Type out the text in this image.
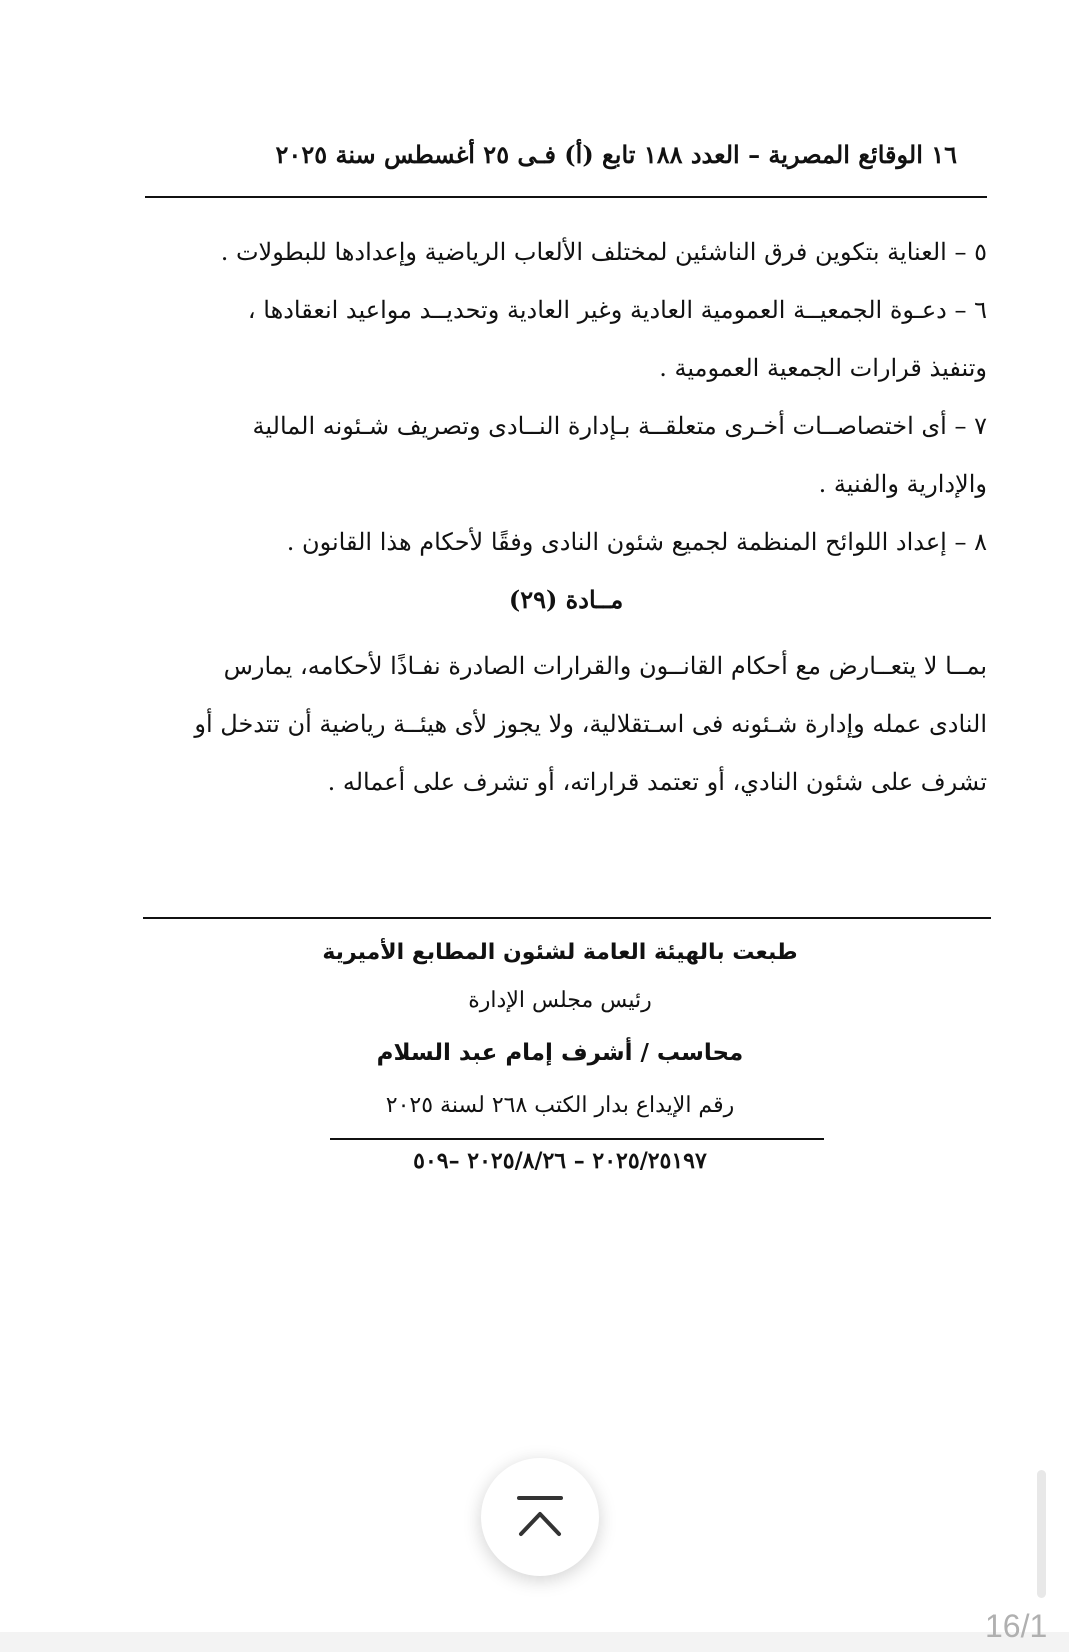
١٦ الوقائع المصرية – العدد ١٨٨ تابع (أ) فـى ٢٥ أغسطس سنة ٢٠٢٥
٥ – العناية بتكوين فرق الناشئين لمختلف الألعاب الرياضية وإعدادها للبطولات .
٦ – دعـوة الجمعيــة العمومية العادية وغير العادية وتحديــد مواعيد انعقادها ،
وتنفيذ قرارات الجمعية العمومية .
٧ – أى اختصاصــات أخـرى متعلقــة بـإدارة النــادى وتصريف شـئونه المالية
والإدارية والفنية .
٨ – إعداد اللوائح المنظمة لجميع شئون النادى وفقًا لأحكام هذا القانون .
مــادة (٢٩)
بمــا لا يتعــارض مع أحكام القانــون والقرارات الصادرة نفـاذًا لأحكامه، يمارس
النادى عمله وإدارة شـئونه فى اسـتقلالية، ولا يجوز لأى هيئــة رياضية أن تتدخل أو
تشرف على شئون النادي، أو تعتمد قراراته، أو تشرف على أعماله .
طبعت بالهيئة العامة لشئون المطابع الأميرية
رئيس مجلس الإدارة
محاسب / أشرف إمام عبد السلام
رقم الإيداع بدار الكتب ٢٦٨ لسنة ٢٠٢٥
٢٠٢٥/٢٥١٩٧ – ٢٠٢٥/٨/٢٦ –٥٠٩
16/1
